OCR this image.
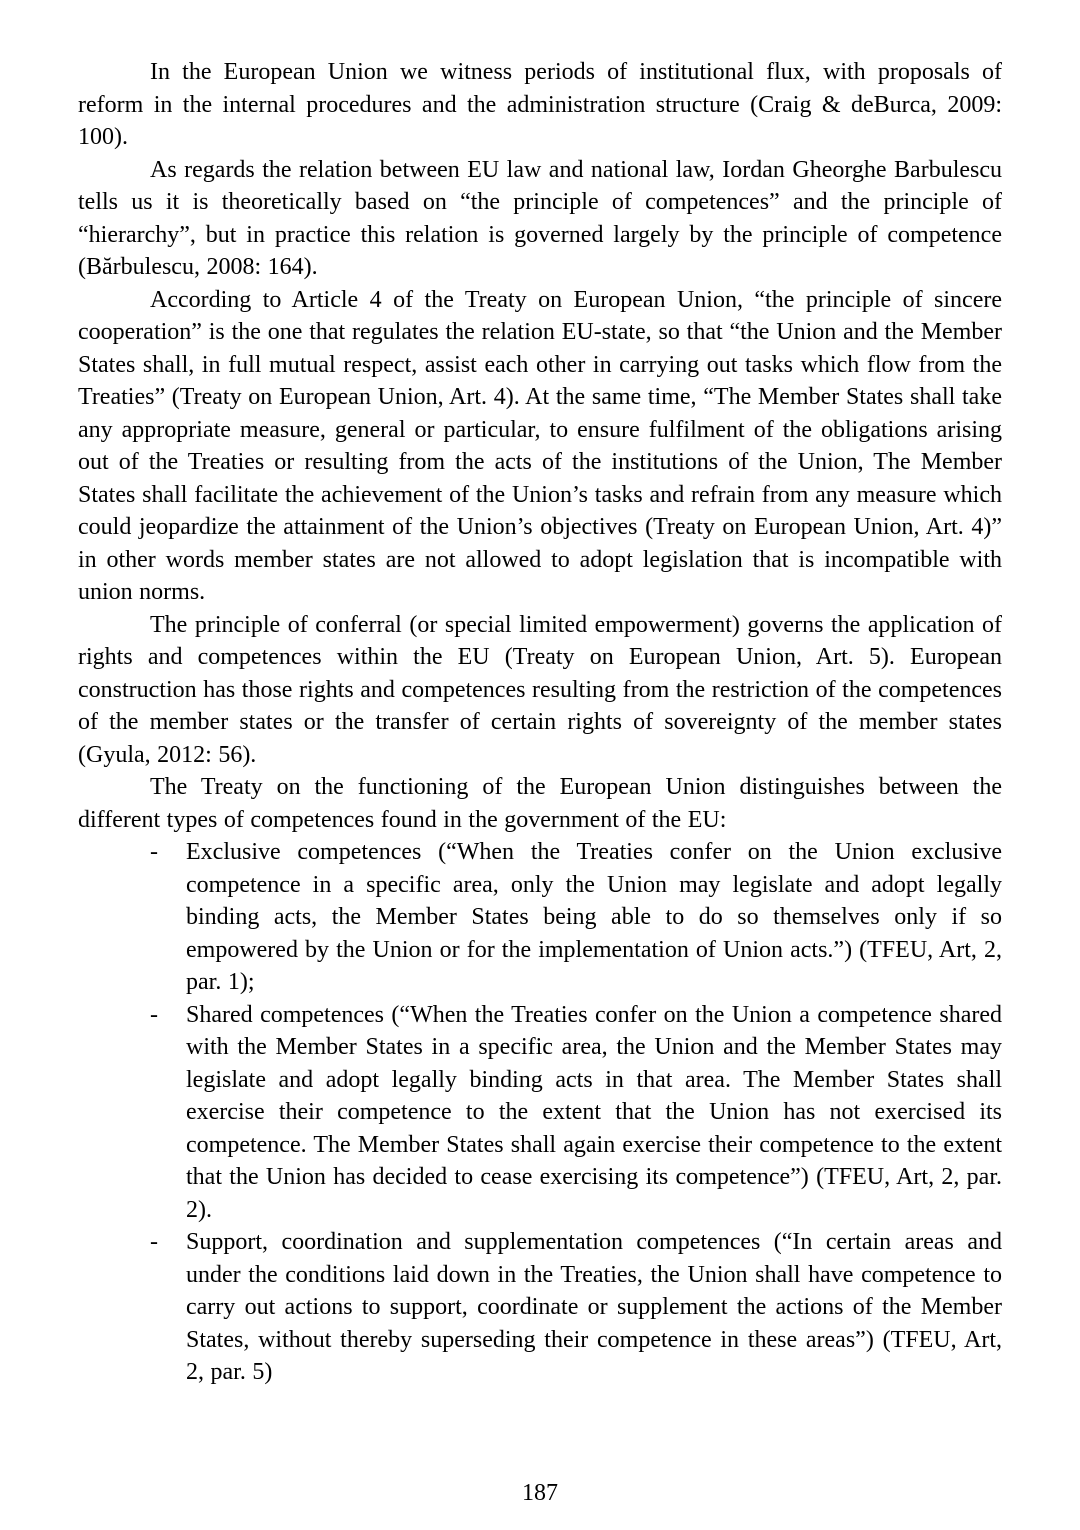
In the European Union we witness periods of institutional flux, with proposals of reform in the internal procedures and the administration structure (Craig & deBurca, 2009: 100).

As regards the relation between EU law and national law, Iordan Gheorghe Barbulescu tells us it is theoretically based on “the principle of competences” and the principle of “hierarchy”, but in practice this relation is governed largely by the principle of competence (Bărbulescu, 2008: 164).

According to Article 4 of the Treaty on European Union, “the principle of sincere cooperation” is the one that regulates the relation EU-state, so that “the Union and the Member States shall, in full mutual respect, assist each other in carrying out tasks which flow from the Treaties” (Treaty on European Union, Art. 4). At the same time, “The Member States shall take any appropriate measure, general or particular, to ensure fulfilment of the obligations arising out of the Treaties or resulting from the acts of the institutions of the Union, The Member States shall facilitate the achievement of the Union’s tasks and refrain from any measure which could jeopardize the attainment of the Union’s objectives (Treaty on European Union, Art. 4)” in other words member states are not allowed to adopt legislation that is incompatible with union norms.

The principle of conferral (or special limited empowerment) governs the application of rights and competences within the EU (Treaty on European Union, Art. 5). European construction has those rights and competences resulting from the restriction of the competences of the member states or the transfer of certain rights of sovereignty of the member states (Gyula, 2012: 56).

The Treaty on the functioning of the European Union distinguishes between the different types of competences found in the government of the EU:

-	Exclusive competences (“When the Treaties confer on the Union exclusive competence in a specific area, only the Union may legislate and adopt legally binding acts, the Member States being able to do so themselves only if so empowered by the Union or for the implementation of Union acts.”) (TFEU, Art, 2, par. 1);
-	Shared competences (“When the Treaties confer on the Union a competence shared with the Member States in a specific area, the Union and the Member States may legislate and adopt legally binding acts in that area. The Member States shall exercise their competence to the extent that the Union has not exercised its competence. The Member States shall again exercise their competence to the extent that the Union has decided to cease exercising its competence”) (TFEU, Art, 2, par. 2).
-	Support, coordination and supplementation competences (“In certain areas and under the conditions laid down in the Treaties, the Union shall have competence to carry out actions to support, coordinate or supplement the actions of the Member States, without thereby superseding their competence in these areas”) (TFEU, Art, 2, par. 5)
187
